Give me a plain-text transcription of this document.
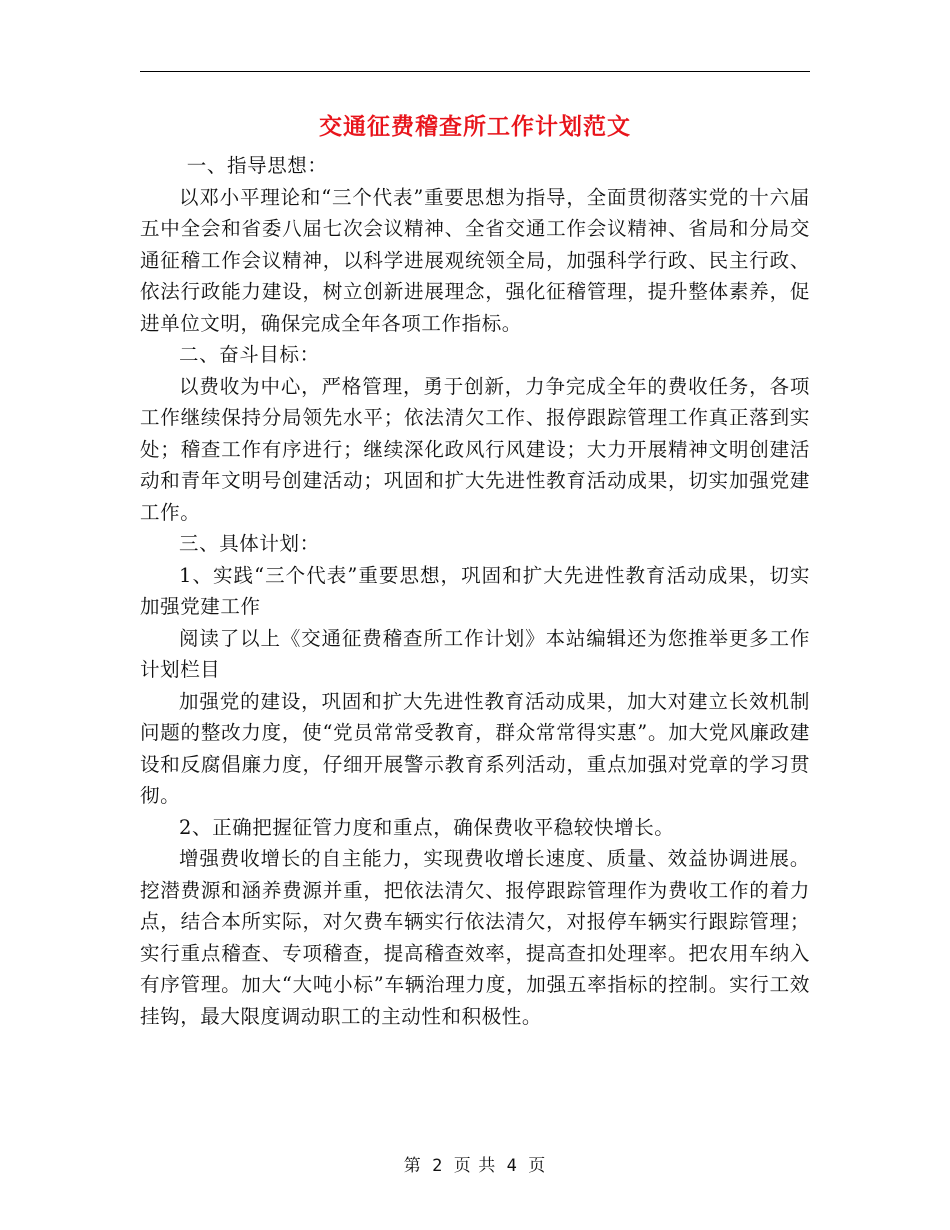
交通征费稽查所工作计划范文

一、指导思想：

以邓小平理论和“三个代表”重要思想为指导，全面贯彻落实党的十六届五中全会和省委八届七次会议精神、全省交通工作会议精神、省局和分局交通征稽工作会议精神，以科学进展观统领全局，加强科学行政、民主行政、依法行政能力建设，树立创新进展理念，强化征稽管理，提升整体素养，促进单位文明，确保完成全年各项工作指标。

二、奋斗目标：

以费收为中心，严格管理，勇于创新，力争完成全年的费收任务，各项工作继续保持分局领先水平；依法清欠工作、报停跟踪管理工作真正落到实处；稽查工作有序进行；继续深化政风行风建设；大力开展精神文明创建活动和青年文明号创建活动；巩固和扩大先进性教育活动成果，切实加强党建工作。

三、具体计划：

1、实践“三个代表”重要思想，巩固和扩大先进性教育活动成果，切实加强党建工作

阅读了以上《交通征费稽查所工作计划》本站编辑还为您推举更多工作计划栏目

加强党的建设，巩固和扩大先进性教育活动成果，加大对建立长效机制问题的整改力度，使“党员常常受教育，群众常常得实惠”。加大党风廉政建设和反腐倡廉力度，仔细开展警示教育系列活动，重点加强对党章的学习贯彻。

2、正确把握征管力度和重点，确保费收平稳较快增长。

增强费收增长的自主能力，实现费收增长速度、质量、效益协调进展。挖潜费源和涵养费源并重，把依法清欠、报停跟踪管理作为费收工作的着力点，结合本所实际，对欠费车辆实行依法清欠，对报停车辆实行跟踪管理；实行重点稽查、专项稽查，提高稽查效率，提高查扣处理率。把农用车纳入有序管理。加大“大吨小标”车辆治理力度，加强五率指标的控制。实行工效挂钩，最大限度调动职工的主动性和积极性。

第 2 页 共 4 页
